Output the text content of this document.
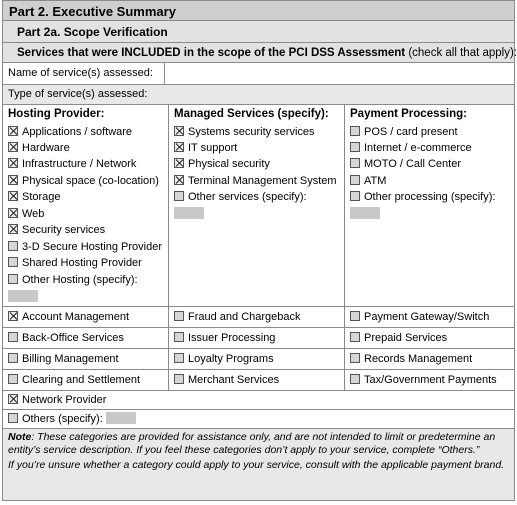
Part 2. Executive Summary
Part 2a. Scope Verification
Services that were INCLUDED in the scope of the PCI DSS Assessment (check all that apply):
Name of service(s) assessed:
Type of service(s) assessed:
Hosting Provider:
Applications / software
Hardware
Infrastructure / Network
Physical space (co-location)
Storage
Web
Security services
3-D Secure Hosting Provider
Shared Hosting Provider
Other Hosting (specify):
Managed Services (specify):
Systems security services
IT support
Physical security
Terminal Management System
Other services (specify):
Payment Processing:
POS / card present
Internet / e-commerce
MOTO / Call Center
ATM
Other processing (specify):
Account Management	Fraud and Chargeback	Payment Gateway/Switch
Back-Office Services	Issuer Processing	Prepaid Services
Billing Management	Loyalty Programs	Records Management
Clearing and Settlement	Merchant Services	Tax/Government Payments
Network Provider
Others (specify):

Note: These categories are provided for assistance only, and are not intended to limit or predetermine an entity’s service description. If you feel these categories don’t apply to your service, complete “Others.”

If you’re unsure whether a category could apply to your service, consult with the applicable payment brand.
